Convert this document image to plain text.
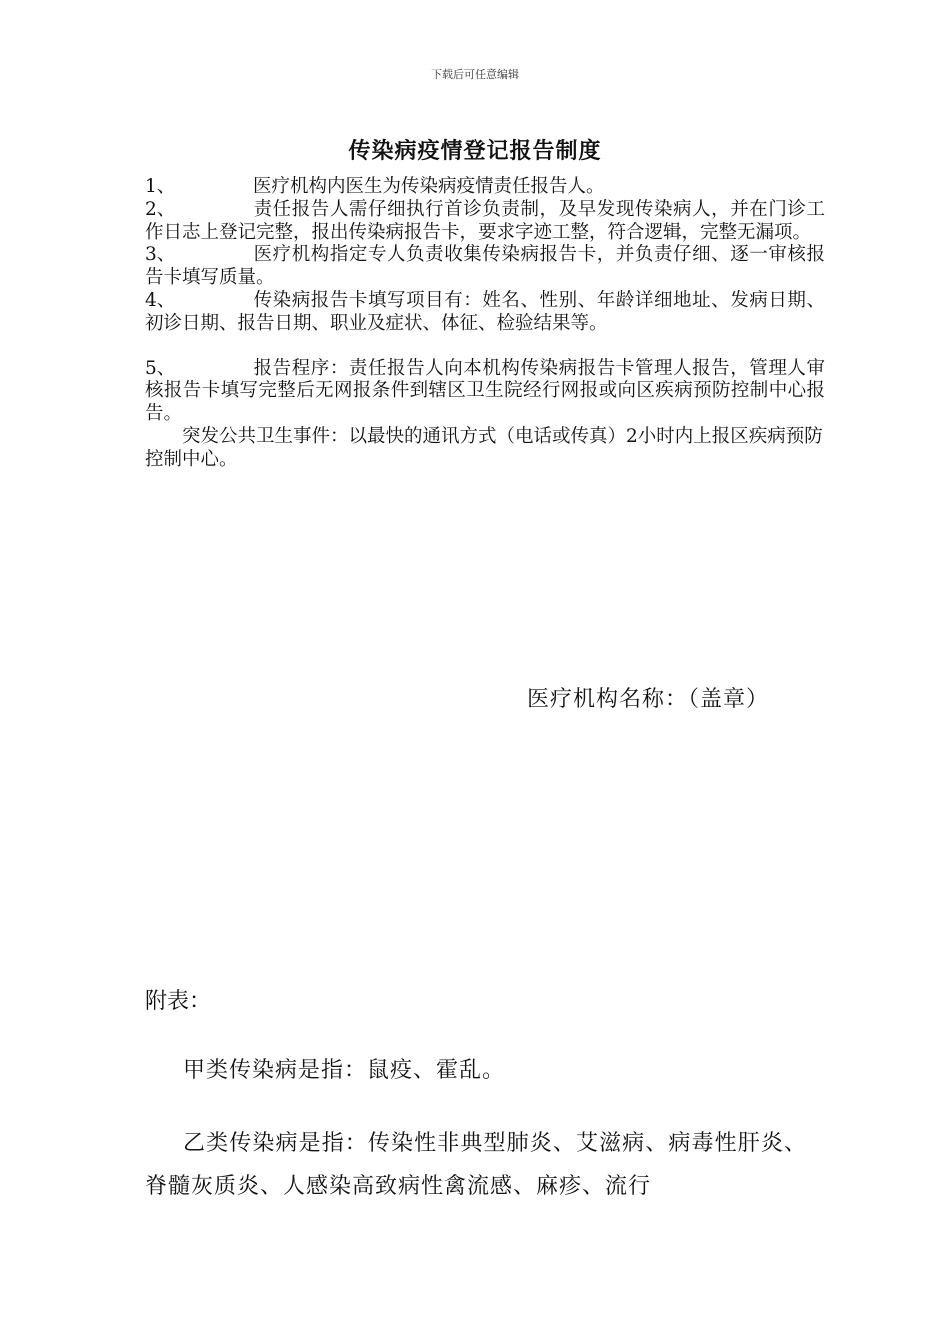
下载后可任意编辑
传染病疫情登记报告制度

1、	医疗机构内医生为传染病疫情责任报告人。

2、	责任报告人需仔细执行首诊负责制，及早发现传染病人，并在门诊工作日志上登记完整，报出传染病报告卡，要求字迹工整，符合逻辑，完整无漏项。

3、	医疗机构指定专人负责收集传染病报告卡，并负责仔细、逐一审核报告卡填写质量。

4、	传染病报告卡填写项目有：姓名、性别、年龄详细地址、发病日期、初诊日期、报告日期、职业及症状、体征、检验结果等。

5、	报告程序：责任报告人向本机构传染病报告卡管理人报告，管理人审核报告卡填写完整后无网报条件到辖区卫生院经行网报或向区疾病预防控制中心报告。

突发公共卫生事件：以最快的通讯方式（电话或传真）2小时内上报区疾病预防控制中心。

医疗机构名称：（盖章）
附表：
甲类传染病是指：鼠疫、霍乱。
乙类传染病是指：传染性非典型肺炎、艾滋病、病毒性肝炎、脊髓灰质炎、人感染高致病性禽流感、麻疹、流行
